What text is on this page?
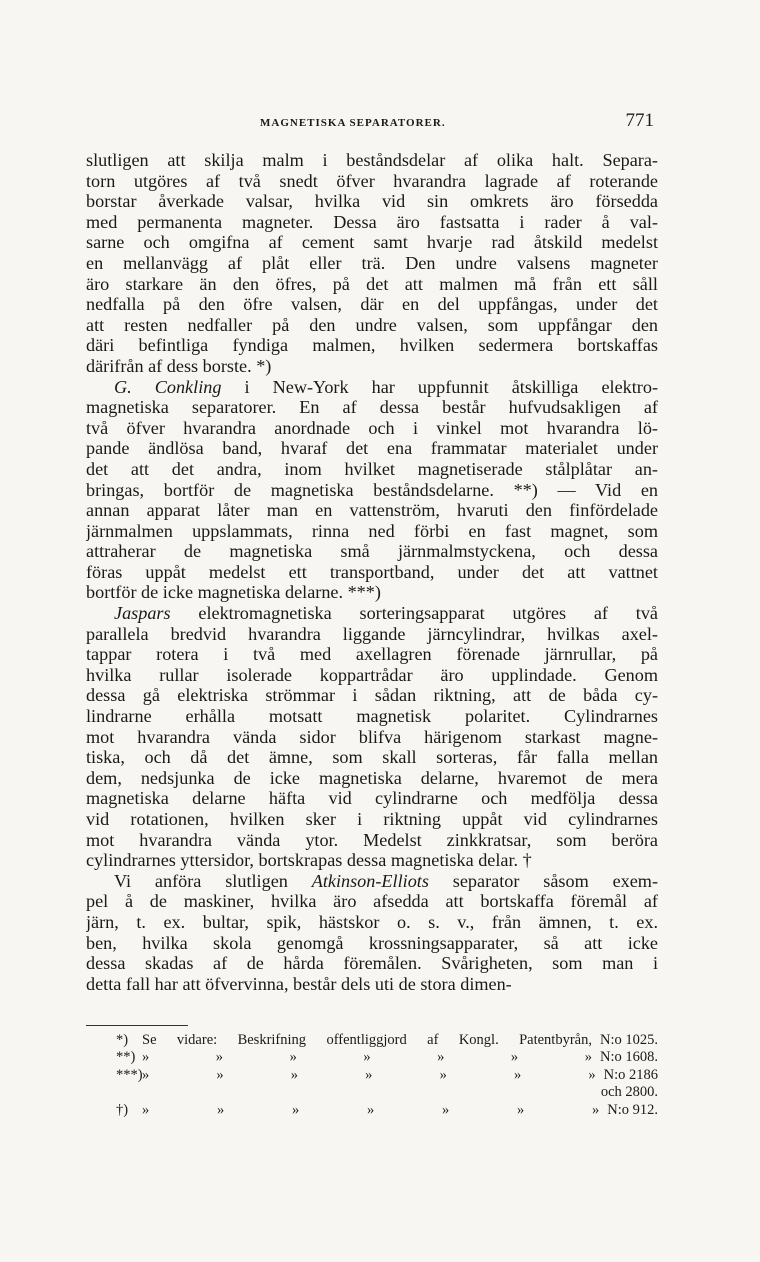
MAGNETISKA SEPARATORER.	771
slutligen att skilja malm i beståndsdelar af olika halt. Separa-
torn utgöres af två snedt öfver hvarandra lagrade af roterande
borstar åverkade valsar, hvilka vid sin omkrets äro försedda
med permanenta magneter. Dessa äro fastsatta i rader å val-
sarne och omgifna af cement samt hvarje rad åtskild medelst
en mellanvägg af plåt eller trä. Den undre valsens magneter
äro starkare än den öfres, på det att malmen må från ett såll
nedfalla på den öfre valsen, där en del uppfångas, under det
att resten nedfaller på den undre valsen, som uppfångar den
däri befintliga fyndiga malmen, hvilken sedermera bortskaffas
därifrån af dess borste. *)
G. Conkling i New-York har uppfunnit åtskilliga elektro-
magnetiska separatorer. En af dessa består hufvudsakligen af
två öfver hvarandra anordnade och i vinkel mot hvarandra lö-
pande ändlösa band, hvaraf det ena frammatar materialet under
det att det andra, inom hvilket magnetiserade stålplåtar an-
bringas, bortför de magnetiska beståndsdelarne. **) — Vid en
annan apparat låter man en vattenström, hvaruti den finfördelade
järnmalmen uppslammats, rinna ned förbi en fast magnet, som
attraherar de magnetiska små järnmalmstyckena, och dessa
föras uppåt medelst ett transportband, under det att vattnet
bortför de icke magnetiska delarne. ***)
Jaspars elektromagnetiska sorteringsapparat utgöres af två
parallela bredvid hvarandra liggande järncylindrar, hvilkas axel-
tappar rotera i två med axellagren förenade järnrullar, på
hvilka rullar isolerade koppartrådar äro upplindade. Genom
dessa gå elektriska strömmar i sådan riktning, att de båda cy-
lindrarne erhålla motsatt magnetisk polaritet. Cylindrarnes
mot hvarandra vända sidor blifva härigenom starkast magne-
tiska, och då det ämne, som skall sorteras, får falla mellan
dem, nedsjunka de icke magnetiska delarne, hvaremot de mera
magnetiska delarne häfta vid cylindrarne och medfölja dessa
vid rotationen, hvilken sker i riktning uppåt vid cylindrarnes
mot hvarandra vända ytor. Medelst zinkkratsar, som beröra
cylindrarnes yttersidor, bortskrapas dessa magnetiska delar. †
Vi anföra slutligen Atkinson-Elliots separator såsom exem-
pel å de maskiner, hvilka äro afsedda att bortskaffa föremål af
järn, t. ex. bultar, spik, hästskor o. s. v., från ämnen, t. ex.
ben, hvilka skola genomgå krossningsapparater, så att icke
dessa skadas af de hårda föremålen. Svårigheten, som man i
detta fall har att öfvervinna, består dels uti de stora dimen-
*) Se vidare: Beskrifning offentliggjord af Kongl. Patentbyrån, N:o 1025.
**) »	»	»	»	»	»	» N:o 1608.
***) »	»	»	»	»	»	» N:o 2186
och 2800.
†) »	»	»	»	»	»	» N:o 912.
